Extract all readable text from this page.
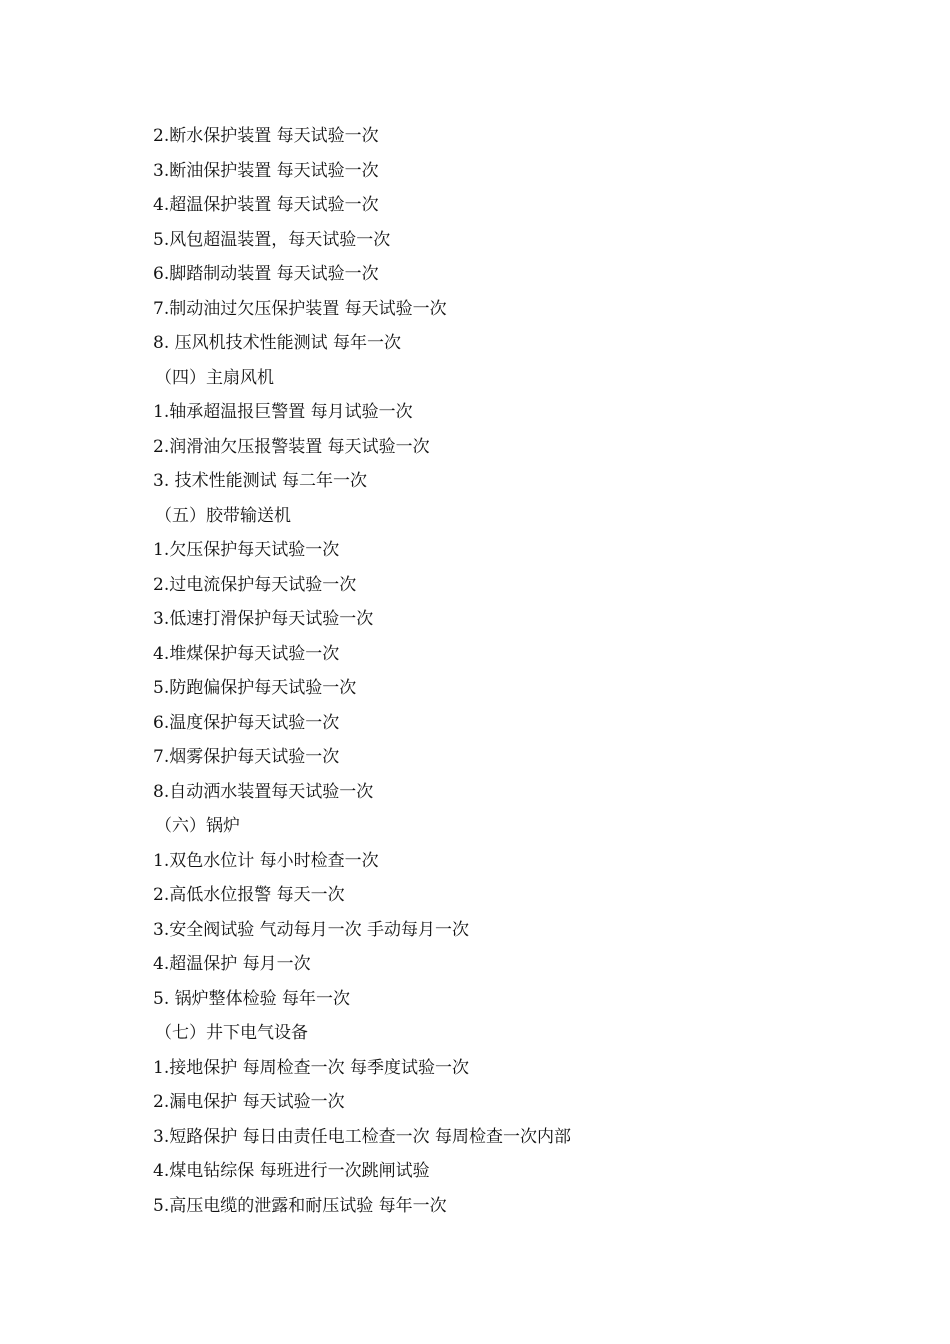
2.断水保护装置 每天试验一次
3.断油保护装置 每天试验一次
4.超温保护装置 每天试验一次
5.风包超温装置，每天试验一次
6.脚踏制动装置 每天试验一次
7.制动油过欠压保护装置 每天试验一次
8. 压风机技术性能测试 每年一次
（四）主扇风机
1.轴承超温报巨警置 每月试验一次
2.润滑油欠压报警装置 每天试验一次
3. 技术性能测试 每二年一次
（五）胶带输送机
1.欠压保护每天试验一次
2.过电流保护每天试验一次
3.低速打滑保护每天试验一次
4.堆煤保护每天试验一次
5.防跑偏保护每天试验一次
6.温度保护每天试验一次
7.烟雾保护每天试验一次
8.自动洒水装置每天试验一次
（六）锅炉
1.双色水位计 每小时检查一次
2.高低水位报警 每天一次
3.安全阀试验 气动每月一次 手动每月一次
4.超温保护 每月一次
5. 锅炉整体检验 每年一次
（七）井下电气设备
1.接地保护 每周检查一次 每季度试验一次
2.漏电保护 每天试验一次
3.短路保护 每日由责任电工检查一次 每周检查一次内部
4.煤电钻综保 每班进行一次跳闸试验
5.高压电缆的泄露和耐压试验 每年一次
